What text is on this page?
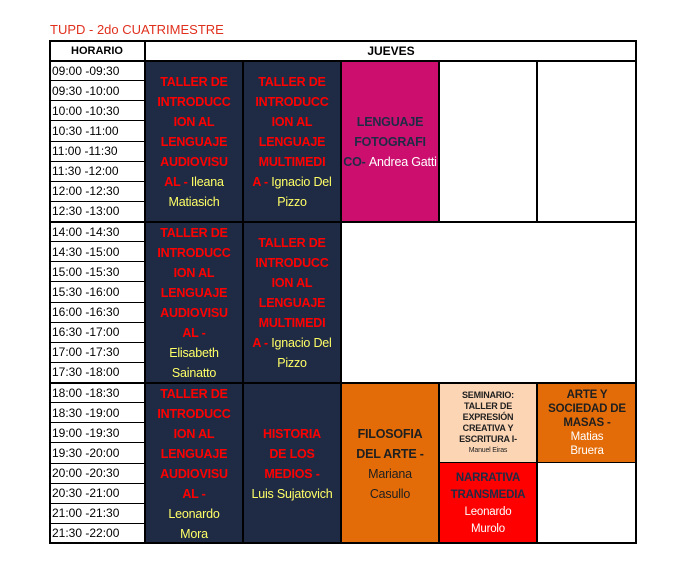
TUPD - 2do CUATRIMESTRE
HORARIO	JUEVES
09:00 -09:30
09:30 -10:00
10:00 -10:30
10:30 -11:00
11:00 -11:30
11:30 -12:00
12:00 -12:30
12:30 -13:00
14:00 -14:30
14:30 -15:00
15:00 -15:30
15:30 -16:00
16:00 -16:30
16:30 -17:00
17:00 -17:30
17:30 -18:00
18:00 -18:30
18:30 -19:00
19:00 -19:30
19:30 -20:00
20:00 -20:30
20:30 -21:00
21:00 -21:30
21:30 -22:00
TALLER DE
INTRODUCC
ION AL
LENGUAJE
AUDIOVISU
AL - Ileana Matiasich
TALLER DE
INTRODUCC
ION AL
LENGUAJE
MULTIMEDI
A - Ignacio Del Pizzo
LENGUAJE
FOTOGRAFI
CO- Andrea Gatti
TALLER DE
INTRODUCC
ION AL
LENGUAJE
AUDIOVISU
AL -
Elisabeth Sainatto
TALLER DE
INTRODUCC
ION AL
LENGUAJE
MULTIMEDI
A - Ignacio Del Pizzo
TALLER DE
INTRODUCC
ION AL
LENGUAJE
AUDIOVISU
AL -
Leonardo Mora
HISTORIA
DE LOS
MEDIOS -
Luis Sujatovich
FILOSOFIA
DEL ARTE -
Mariana Casullo
SEMINARIO:
TALLER DE
EXPRESIÓN
CREATIVA Y
ESCRITURA I-
Manuel Eiras
ARTE Y
SOCIEDAD DE
MASAS -
Matias Bruera
NARRATIVA
TRANSMEDIA
Leonardo Murolo
